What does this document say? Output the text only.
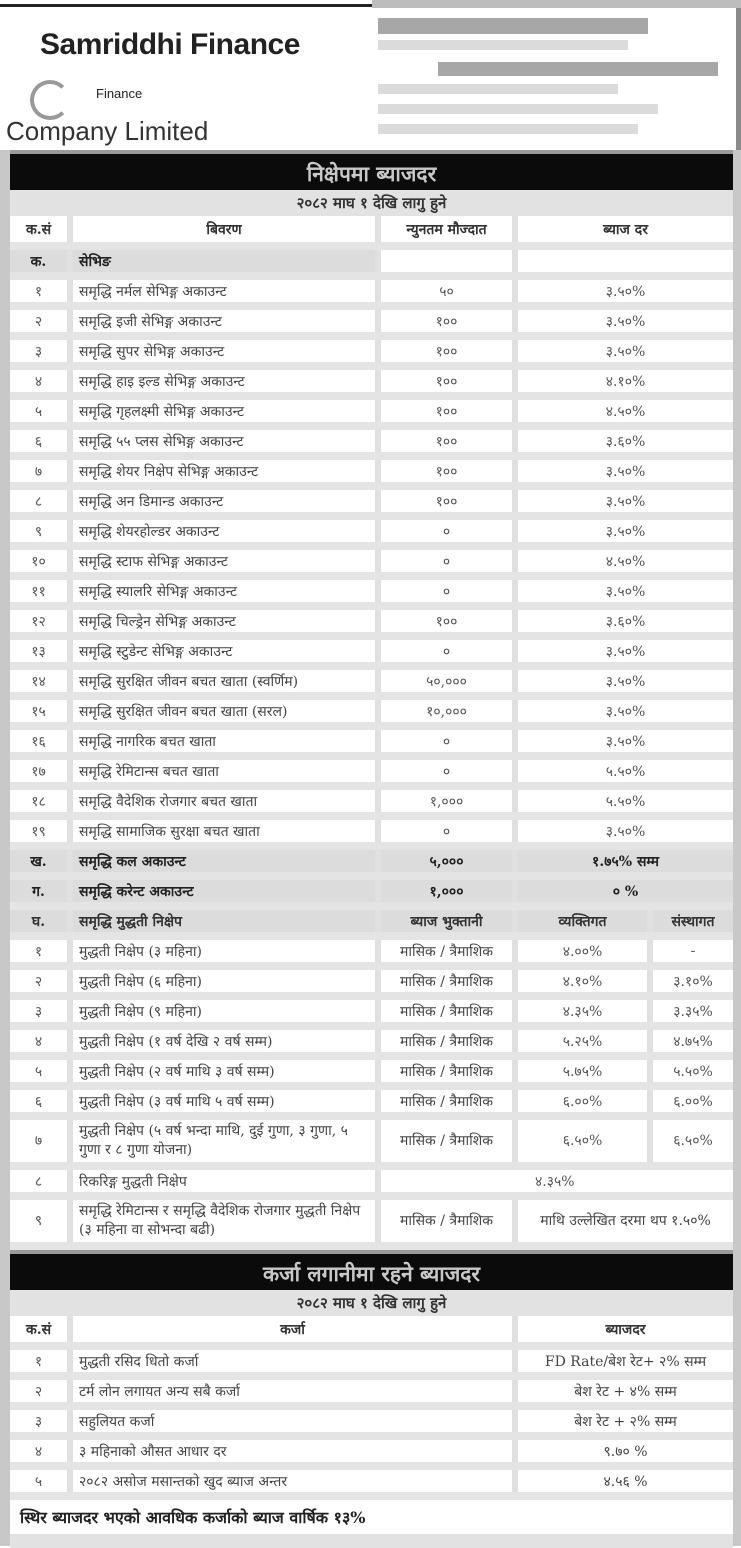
Samriddhi Finance
Finance
Company Limited
निक्षेपमा ब्याजदर
२०८२ माघ १ देखि लागु हुने
क.सं	बिवरण	न्युनतम मौज्दात	ब्याज दर	
क.	सेभिङ			
१	समृद्धि नर्मल सेभिङ्ग अकाउन्ट	५०	३.५०%	
२	समृद्धि इजी सेभिङ्ग अकाउन्ट	१००	३.५०%	
३	समृद्धि सुपर सेभिङ्ग अकाउन्ट	१००	३.५०%	
४	समृद्धि हाइ इल्ड सेभिङ्ग अकाउन्ट	१००	४.१०%	
५	समृद्धि गृहलक्ष्मी सेभिङ्ग अकाउन्ट	१००	४.५०%	
६	समृद्धि ५५ प्लस सेभिङ्ग अकाउन्ट	१००	३.६०%	
७	समृद्धि शेयर निक्षेप सेभिङ्ग अकाउन्ट	१००	३.५०%	
८	समृद्धि अन डिमान्ड अकाउन्ट	१००	३.५०%	
९	समृद्धि शेयरहोल्डर अकाउन्ट	०	३.५०%	
१०	समृद्धि स्टाफ सेभिङ्ग अकाउन्ट	०	४.५०%	
११	समृद्धि स्यालरि सेभिङ्ग अकाउन्ट	०	३.५०%	
१२	समृद्धि चिल्ड्रेन सेभिङ्ग अकाउन्ट	१००	३.६०%	
१३	समृद्धि स्टुडेन्ट सेभिङ्ग अकाउन्ट	०	३.५०%	
१४	समृद्धि सुरक्षित जीवन बचत खाता (स्वर्णिम)	५०,०००	३.५०%	
१५	समृद्धि सुरक्षित जीवन बचत खाता (सरल)	१०,०००	३.५०%	
१६	समृद्धि नागरिक बचत खाता	०	३.५०%	
१७	समृद्धि रेमिटान्स बचत खाता	०	५.५०%	
१८	समृद्धि वैदेशिक रोजगार बचत खाता	१,०००	५.५०%	
१९	समृद्धि सामाजिक सुरक्षा बचत खाता	०	३.५०%	
ख.	समृद्धि कल अकाउन्ट	५,०००	१.७५% सम्म	
ग.	समृद्धि करेन्ट अकाउन्ट	१,०००	० %	
घ.	समृद्धि मुद्धती निक्षेप	ब्याज भुक्तानी	व्यक्तिगत	संस्थागत
१	मुद्धती निक्षेप (३ महिना)	मासिक / त्रैमाशिक	४.००%	-
२	मुद्धती निक्षेप (६ महिना)	मासिक / त्रैमाशिक	४.१०%	३.१०%
३	मुद्धती निक्षेप (९ महिना)	मासिक / त्रैमाशिक	४.३५%	३.३५%
४	मुद्धती निक्षेप (१ वर्ष देखि २ वर्ष सम्म)	मासिक / त्रैमाशिक	५.२५%	४.७५%
५	मुद्धती निक्षेप (२ वर्ष माथि ३ वर्ष सम्म)	मासिक / त्रैमाशिक	५.७५%	५.५०%
६	मुद्धती निक्षेप (३ वर्ष माथि ५ वर्ष सम्म)	मासिक / त्रैमाशिक	६.००%	६.००%
७	मुद्धती निक्षेप (५ वर्ष भन्दा माथि, दुई गुणा, ३ गुणा, ५ गुणा र ८ गुणा योजना)	मासिक / त्रैमाशिक	६.५०%	६.५०%
८	रिकरिङ्ग मुद्धती निक्षेप		४.३५%	
९	समृद्धि रेमिटान्स र समृद्धि वैदेशिक रोजगार मुद्धती निक्षेप (३ महिना वा सोभन्दा बढी)	मासिक / त्रैमाशिक	माथि उल्लेखित दरमा थप १.५०%	
कर्जा लगानीमा रहने ब्याजदर
२०८२ माघ १ देखि लागु हुने
क.सं	कर्जा	ब्याजदर
१	मुद्धती रसिद धितो कर्जा	FD Rate/बेश रेट+ २% सम्म
२	टर्म लोन लगायत अन्य सबै कर्जा	बेश रेट + ४% सम्म
३	सहुलियत कर्जा	बेश रेट + २% सम्म
४	३ महिनाको औसत आधार दर	९.७० %
५	२०८२ असोज मसान्तको खुद ब्याज अन्तर	४.५६ %
स्थिर ब्याजदर भएको आवधिक कर्जाको ब्याज वार्षिक १३%
